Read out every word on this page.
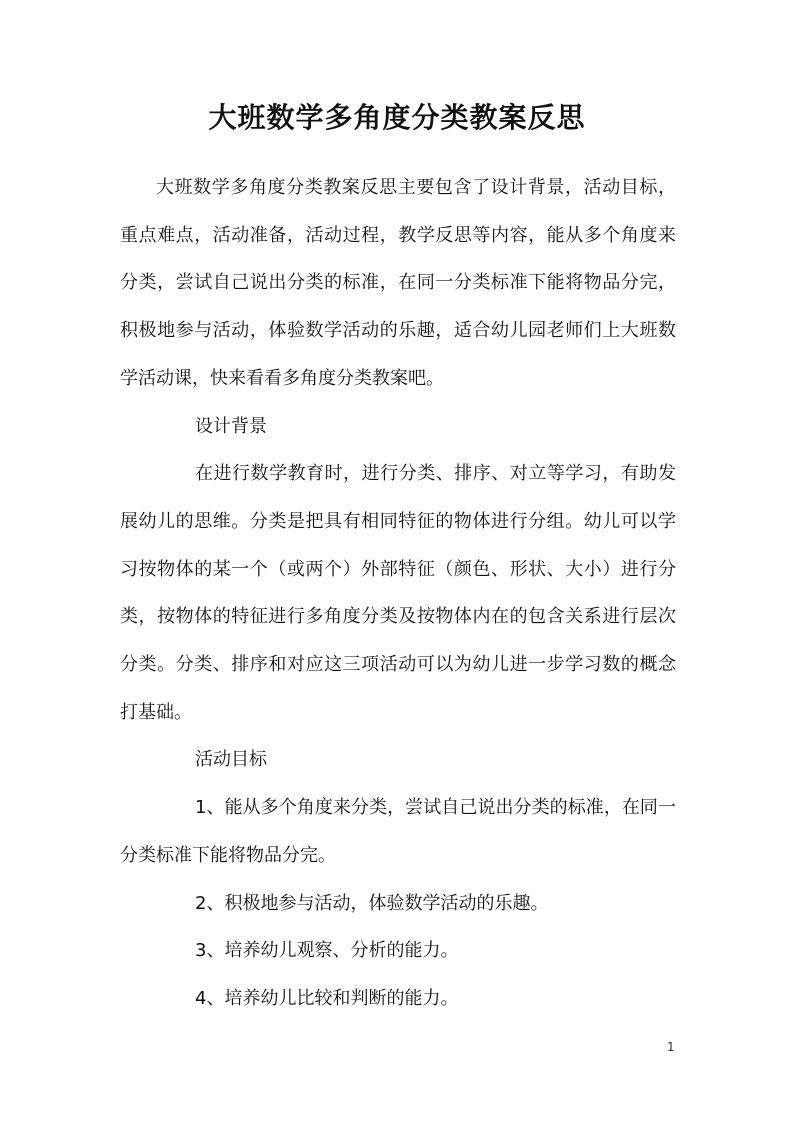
大班数学多角度分类教案反思

大班数学多角度分类教案反思主要包含了设计背景，活动目标，重点难点，活动准备，活动过程，教学反思等内容，能从多个角度来分类，尝试自己说出分类的标准，在同一分类标准下能将物品分完，积极地参与活动，体验数学活动的乐趣，适合幼儿园老师们上大班数学活动课，快来看看多角度分类教案吧。

设计背景

在进行数学教育时，进行分类、排序、对立等学习，有助发展幼儿的思维。分类是把具有相同特征的物体进行分组。幼儿可以学习按物体的某一个（或两个）外部特征（颜色、形状、大小）进行分类，按物体的特征进行多角度分类及按物体内在的包含关系进行层次分类。分类、排序和对应这三项活动可以为幼儿进一步学习数的概念打基础。

活动目标

1、能从多个角度来分类，尝试自己说出分类的标准，在同一分类标准下能将物品分完。

2、积极地参与活动，体验数学活动的乐趣。

3、培养幼儿观察、分析的能力。

4、培养幼儿比较和判断的能力。

1
